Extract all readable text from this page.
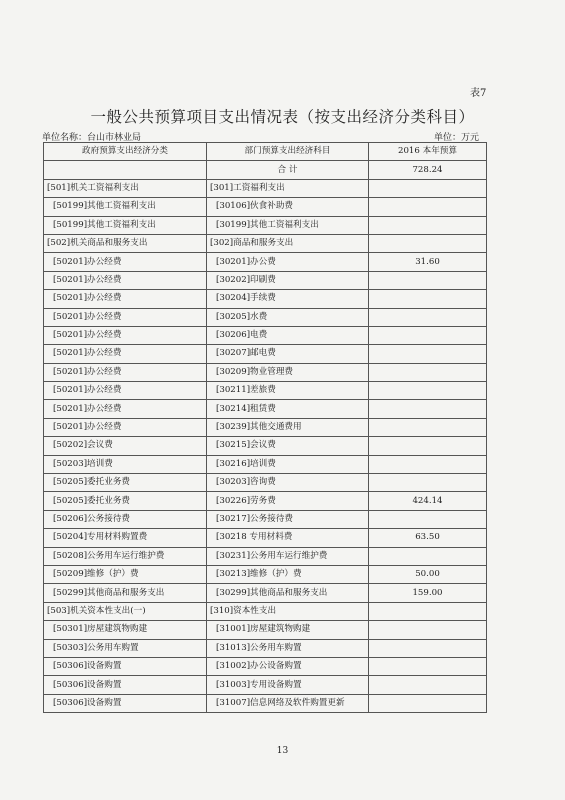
表7
一般公共预算项目支出情况表（按支出经济分类科目）
单位名称：台山市林业局	单位：万元
政府预算支出经济分类	部门预算支出经济科目	2016 本年预算
	合 计	728.24
[501]机关工资福利支出	[301]工资福利支出	
[50199]其他工资福利支出	[30106]伙食补助费	
[50199]其他工资福利支出	[30199]其他工资福利支出	
[502]机关商品和服务支出	[302]商品和服务支出	
[50201]办公经费	[30201]办公费	31.60
[50201]办公经费	[30202]印刷费	
[50201]办公经费	[30204]手续费	
[50201]办公经费	[30205]水费	
[50201]办公经费	[30206]电费	
[50201]办公经费	[30207]邮电费	
[50201]办公经费	[30209]物业管理费	
[50201]办公经费	[30211]差旅费	
[50201]办公经费	[30214]租赁费	
[50201]办公经费	[30239]其他交通费用	
[50202]会议费	[30215]会议费	
[50203]培训费	[30216]培训费	
[50205]委托业务费	[30203]咨询费	
[50205]委托业务费	[30226]劳务费	424.14
[50206]公务接待费	[30217]公务接待费	
[50204]专用材料购置费	[30218 专用材料费	63.50
[50208]公务用车运行维护费	[30231]公务用车运行维护费	
[50209]维修（护）费	[30213]维修（护）费	50.00
[50299]其他商品和服务支出	[30299]其他商品和服务支出	159.00
[503]机关资本性支出(一)	[310]资本性支出	
[50301]房屋建筑物购建	[31001]房屋建筑物购建	
[50303]公务用车购置	[31013]公务用车购置	
[50306]设备购置	[31002]办公设备购置	
[50306]设备购置	[31003]专用设备购置	
[50306]设备购置	[31007]信息网络及软件购置更新	
13
